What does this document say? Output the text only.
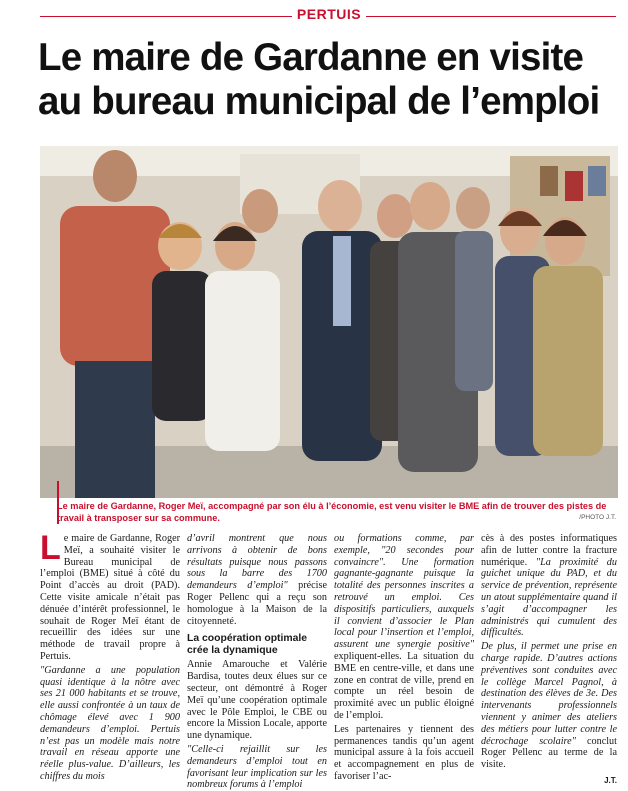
PERTUIS
Le maire de Gardanne en visite
au bureau municipal de l’emploi
Le maire de Gardanne, Roger Meï, accompagné par son élu à l’économie, est venu visiter le BME afin de trouver des pistes de travail à transposer sur sa commune.	/PHOTO J.T.

Le maire de Gardanne, Roger Meï, a souhaité visiter le Bureau municipal de l’emploi (BME) situé à côté du Point d’accès au droit (PAD). Cette visite amicale n’était pas dénuée d’intérêt professionnel, le souhait de Roger Meï étant de recueillir des idées sur une méthode de travail propre à Pertuis.

"Gardanne a une population quasi identique à la nôtre avec ses 21 000 habitants et se trouve, elle aussi confrontée à un taux de chômage élevé avec 1 900 demandeurs d’emploi. Pertuis n’est pas un modèle mais notre travail en réseau apporte une réelle plus-value. D’ailleurs, les chiffres du mois

d’avril montrent que nous arrivons à obtenir de bons résultats puisque nous passons sous la barre des 1700 demandeurs d’emploi" précise Roger Pellenc qui a reçu son homologue à la Maison de la citoyenneté.

La coopération optimale crée la dynamique

Annie Amarouche et Valérie Bardisa, toutes deux élues sur ce secteur, ont démontré à Roger Meï qu’une coopération optimale avec le Pôle Emploi, le CBE ou encore la Mission Locale, apporte une dynamique.

"Celle-ci rejaillit sur les demandeurs d’emploi tout en favorisant leur implication sur les nombreux forums à l’emploi

ou formations comme, par exemple, "20 secondes pour convaincre". Une formation gagnante-gagnante puisque la totalité des personnes inscrites a retrouvé un emploi. Ces dispositifs particuliers, auxquels il convient d’associer le Plan local pour l’insertion et l’emploi, assurent une synergie positive" expliquent-elles. La situation du BME en centre-ville, et dans une zone en contrat de ville, prend en compte un réel besoin de proximité avec un public éloigné de l’emploi.

Les partenaires y tiennent des permanences tandis qu’un agent municipal assure à la fois accueil et accompagnement en plus de favoriser l’ac-

cès à des postes informatiques afin de lutter contre la fracture numérique. "La proximité du guichet unique du PAD, et du service de prévention, représente un atout supplémentaire quand il s’agit d’accompagner les administrés qui cumulent des difficultés.

De plus, il permet une prise en charge rapide. D’autres actions préventives sont conduites avec le collège Marcel Pagnol, à destination des élèves de 3e. Des intervenants professionnels viennent y animer des ateliers des métiers pour lutter contre le décrochage scolaire" conclut Roger Pellenc au terme de la visite.

J.T.
